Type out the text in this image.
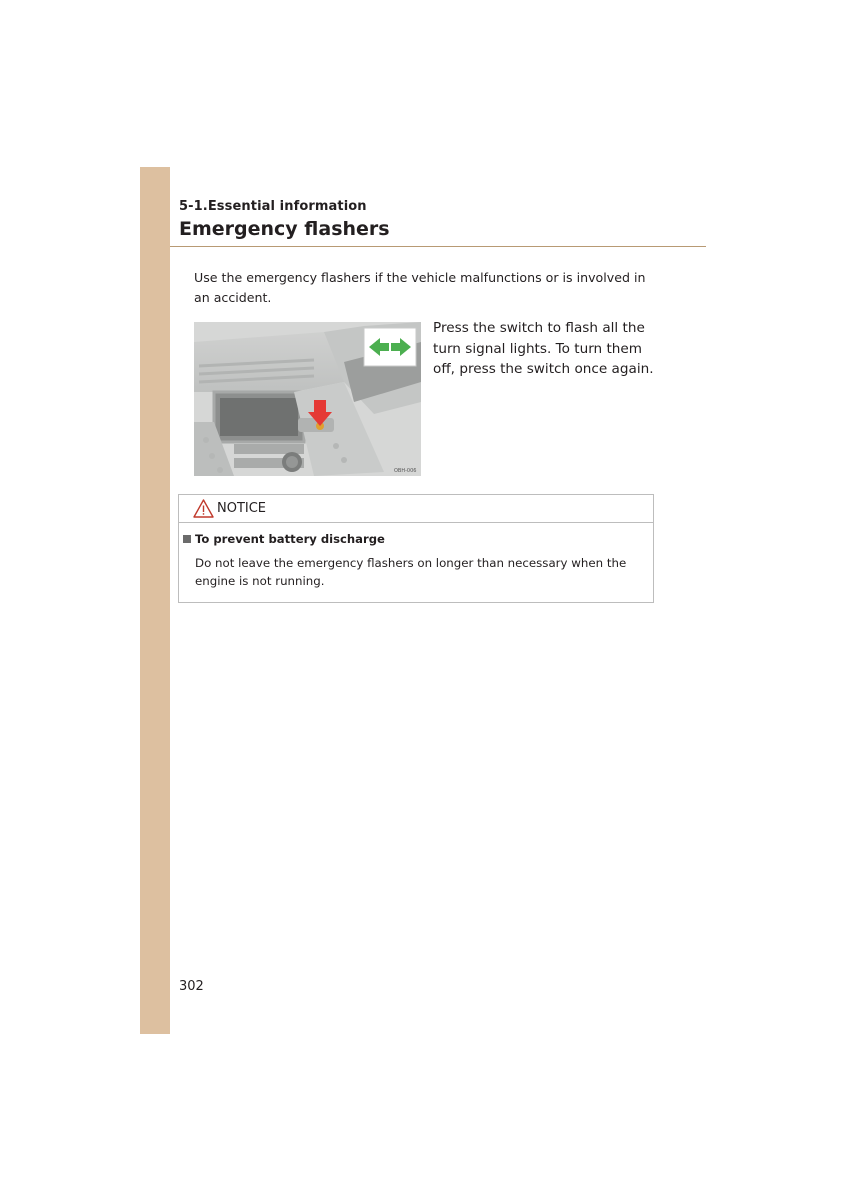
5-1.Essential information
Emergency flashers
Use the emergency flashers if the vehicle malfunctions or is involved in an accident.
OBH-006
Press the switch to flash all the turn signal lights. To turn them off, press the switch once again.
NOTICE
To prevent battery discharge
Do not leave the emergency flashers on longer than necessary when the engine is not running.
302
